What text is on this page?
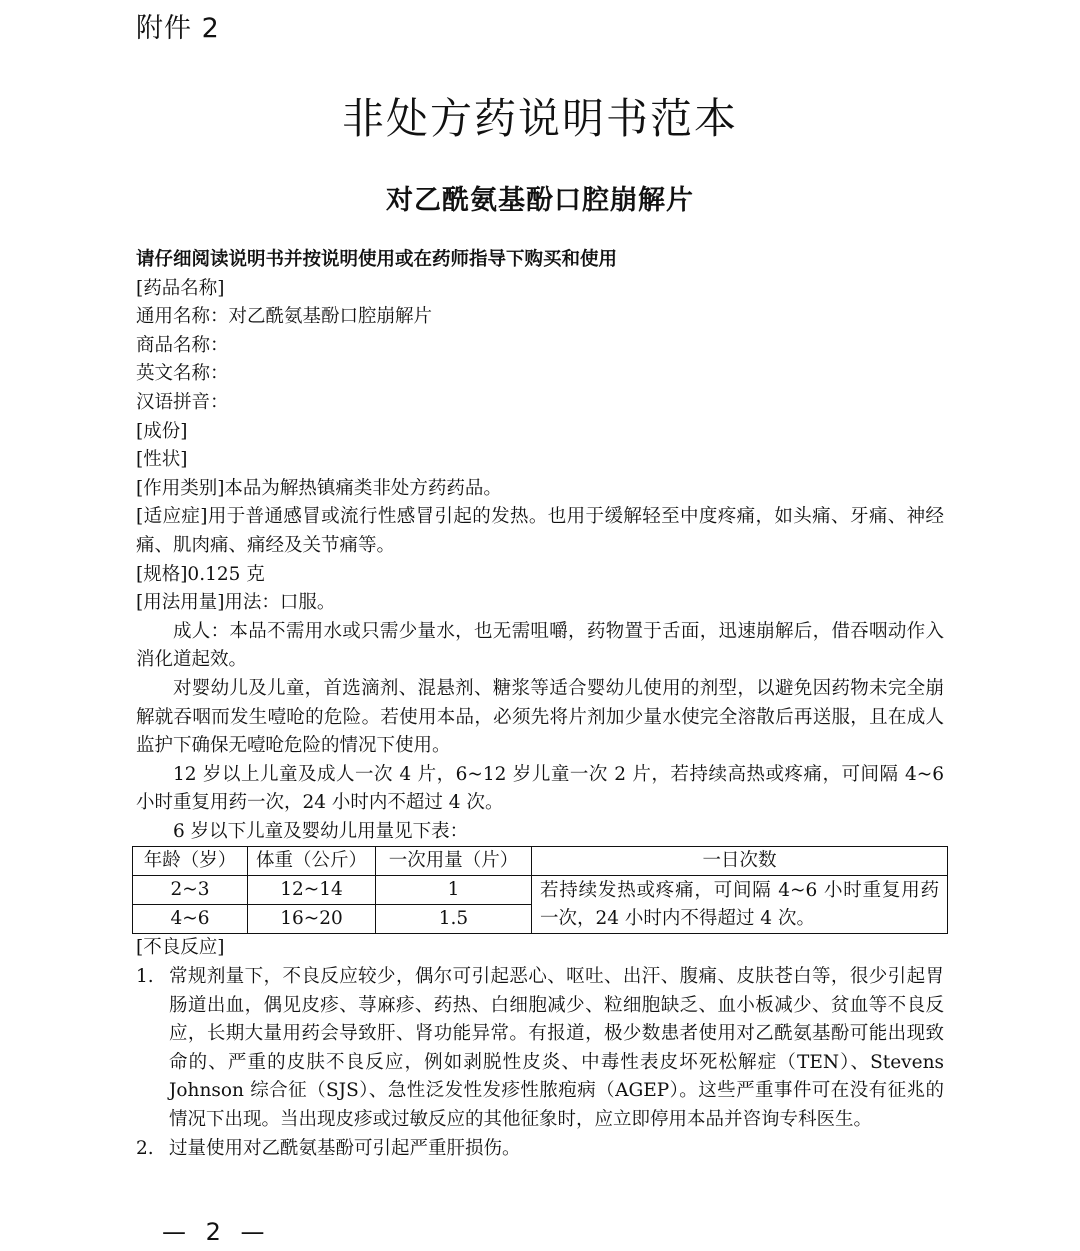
附件 2
非处方药说明书范本
对乙酰氨基酚口腔崩解片
请仔细阅读说明书并按说明使用或在药师指导下购买和使用
[药品名称]
通用名称：对乙酰氨基酚口腔崩解片
商品名称：
英文名称：
汉语拼音：
[成份]
[性状]
[作用类别]本品为解热镇痛类非处方药药品。
[适应症]用于普通感冒或流行性感冒引起的发热。也用于缓解轻至中度疼痛，如头痛、牙痛、神经痛、肌肉痛、痛经及关节痛等。
[规格]0.125 克
[用法用量]用法：口服。
成人：本品不需用水或只需少量水，也无需咀嚼，药物置于舌面，迅速崩解后，借吞咽动作入消化道起效。
对婴幼儿及儿童，首选滴剂、混悬剂、糖浆等适合婴幼儿使用的剂型，以避免因药物未完全崩解就吞咽而发生噎呛的危险。若使用本品，必须先将片剂加少量水使完全溶散后再送服，且在成人监护下确保无噎呛危险的情况下使用。
12 岁以上儿童及成人一次 4 片，6~12 岁儿童一次 2 片，若持续高热或疼痛，可间隔 4~6 小时重复用药一次，24 小时内不超过 4 次。
6 岁以下儿童及婴幼儿用量见下表：
年龄（岁）	体重（公斤）	一次用量（片）	一日次数
2~3	12~14	1	若持续发热或疼痛，可间隔 4~6 小时重复用药一次，24 小时内不得超过 4 次。
4~6	16~20	1.5	
[不良反应]
1. 常规剂量下，不良反应较少，偶尔可引起恶心、呕吐、出汗、腹痛、皮肤苍白等，很少引起胃肠道出血，偶见皮疹、荨麻疹、药热、白细胞减少、粒细胞缺乏、血小板减少、贫血等不良反应，长期大量用药会导致肝、肾功能异常。有报道，极少数患者使用对乙酰氨基酚可能出现致命的、严重的皮肤不良反应，例如剥脱性皮炎、中毒性表皮坏死松解症（TEN）、Stevens Johnson 综合征（SJS）、急性泛发性发疹性脓疱病（AGEP）。这些严重事件可在没有征兆的情况下出现。当出现皮疹或过敏反应的其他征象时，应立即停用本品并咨询专科医生。
2. 过量使用对乙酰氨基酚可引起严重肝损伤。
— 2 —
